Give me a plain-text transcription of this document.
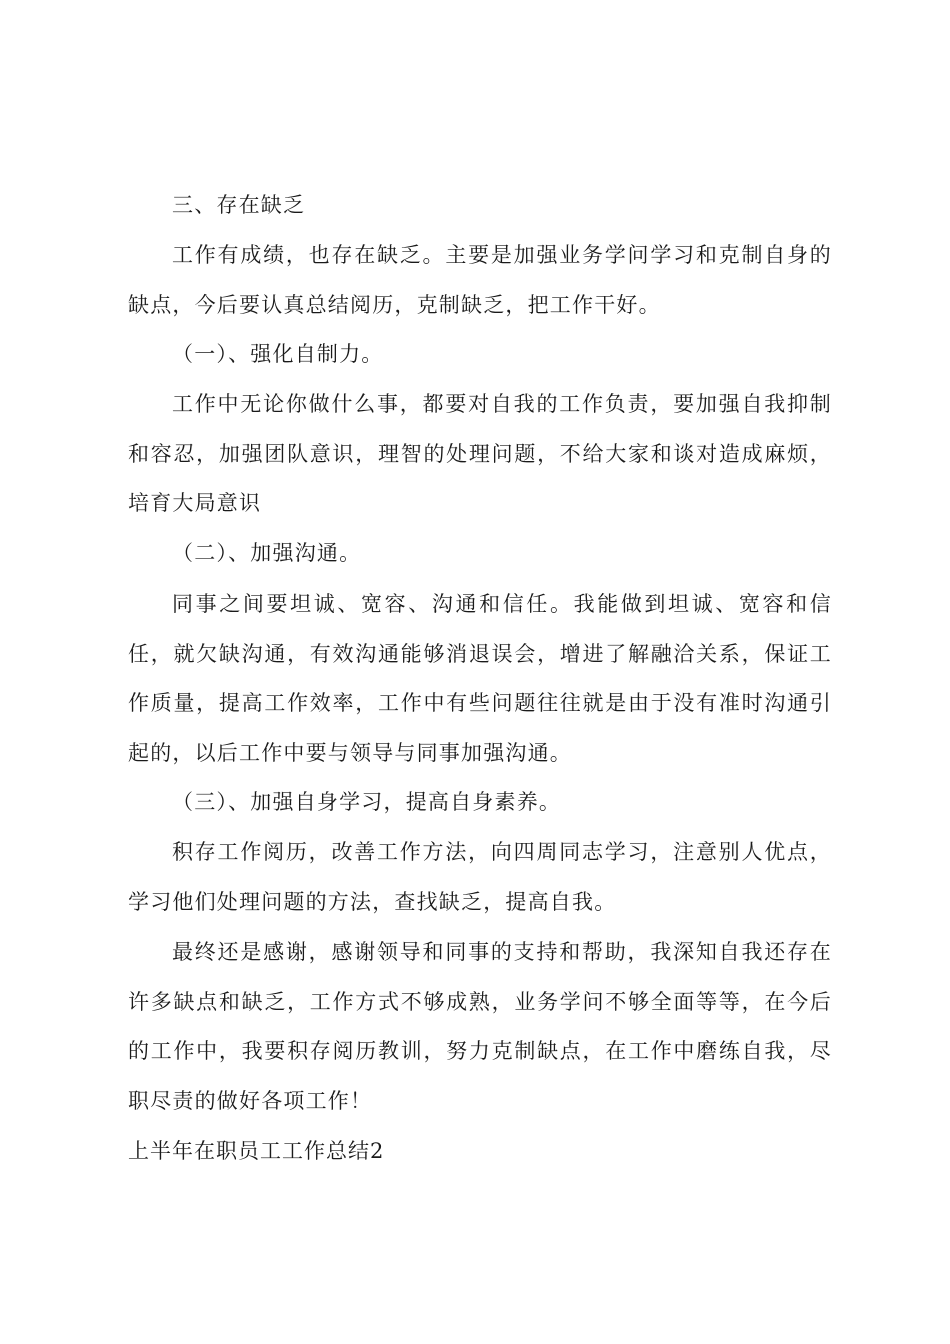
三、存在缺乏

工作有成绩，也存在缺乏。主要是加强业务学问学习和克制自身的缺点，今后要认真总结阅历，克制缺乏，把工作干好。

（一）、强化自制力。

工作中无论你做什么事，都要对自我的工作负责，要加强自我抑制和容忍，加强团队意识，理智的处理问题，不给大家和谈对造成麻烦，培育大局意识

（二）、加强沟通。

同事之间要坦诚、宽容、沟通和信任。我能做到坦诚、宽容和信任，就欠缺沟通，有效沟通能够消退误会，增进了解融洽关系，保证工作质量，提高工作效率，工作中有些问题往往就是由于没有准时沟通引起的，以后工作中要与领导与同事加强沟通。

（三）、加强自身学习，提高自身素养。

积存工作阅历，改善工作方法，向四周同志学习，注意别人优点，学习他们处理问题的方法，查找缺乏，提高自我。

最终还是感谢，感谢领导和同事的支持和帮助，我深知自我还存在许多缺点和缺乏，工作方式不够成熟，业务学问不够全面等等，在今后的工作中，我要积存阅历教训，努力克制缺点，在工作中磨练自我，尽职尽责的做好各项工作！

上半年在职员工工作总结2
